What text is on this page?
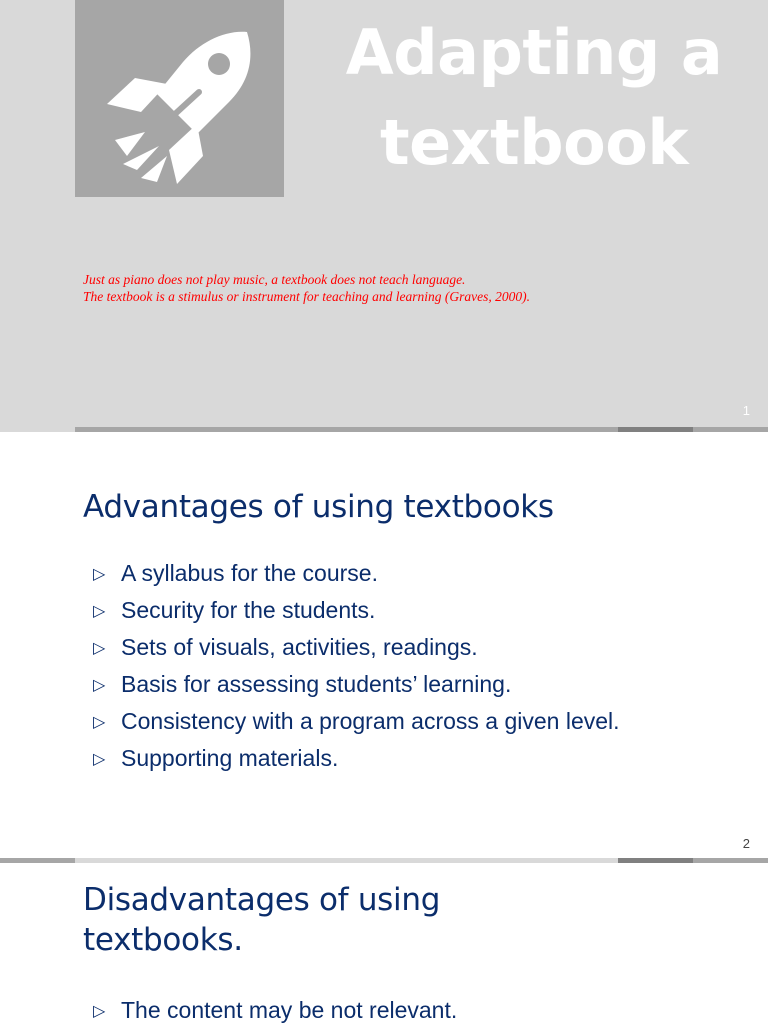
Adapting a textbook
Just as piano does not play music, a textbook does not teach language.
The textbook is a stimulus or instrument for teaching and learning (Graves, 2000).
1
Advantages of using textbooks
▷ A syllabus for the course.
▷ Security for the students.
▷ Sets of visuals, activities, readings.
▷ Basis for assessing students’ learning.
▷ Consistency with a program across a given level.
▷ Supporting materials.
2
Disadvantages of using textbooks.
▷ The content may be not relevant.
